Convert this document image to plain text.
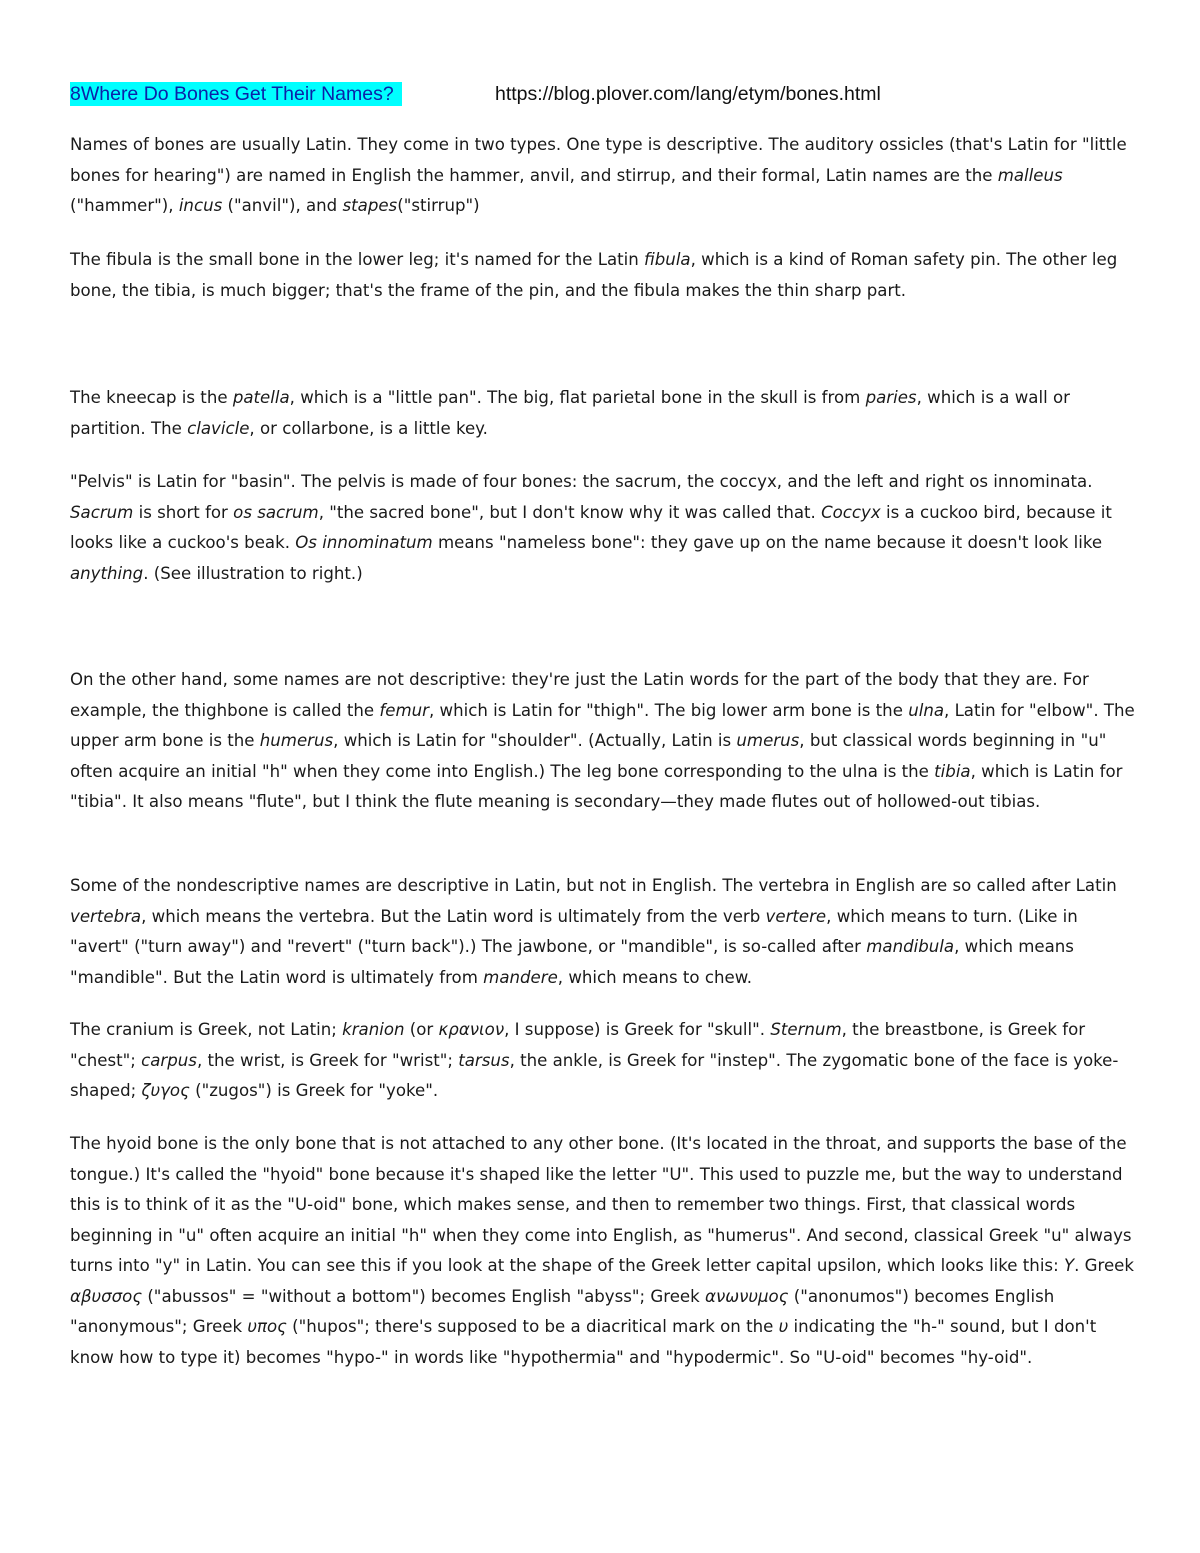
8Where Do Bones Get Their Names?	https://blog.plover.com/lang/etym/bones.html

Names of bones are usually Latin. They come in two types. One type is descriptive. The auditory ossicles (that's Latin for "little bones for hearing") are named in English the hammer, anvil, and stirrup, and their formal, Latin names are the malleus ("hammer"), incus ("anvil"), and stapes("stirrup")

The fibula is the small bone in the lower leg; it's named for the Latin fibula, which is a kind of Roman safety pin. The other leg bone, the tibia, is much bigger; that's the frame of the pin, and the fibula makes the thin sharp part.

The kneecap is the patella, which is a "little pan". The big, flat parietal bone in the skull is from paries, which is a wall or partition. The clavicle, or collarbone, is a little key.

"Pelvis" is Latin for "basin". The pelvis is made of four bones: the sacrum, the coccyx, and the left and right os innominata. Sacrum is short for os sacrum, "the sacred bone", but I don't know why it was called that. Coccyx is a cuckoo bird, because it looks like a cuckoo's beak. Os innominatum means "nameless bone": they gave up on the name because it doesn't look like anything. (See illustration to right.)

On the other hand, some names are not descriptive: they're just the Latin words for the part of the body that they are. For example, the thighbone is called the femur, which is Latin for "thigh". The big lower arm bone is the ulna, Latin for "elbow". The upper arm bone is the humerus, which is Latin for "shoulder". (Actually, Latin is umerus, but classical words beginning in "u" often acquire an initial "h" when they come into English.) The leg bone corresponding to the ulna is the tibia, which is Latin for "tibia". It also means "flute", but I think the flute meaning is secondary—they made flutes out of hollowed-out tibias.

Some of the nondescriptive names are descriptive in Latin, but not in English. The vertebra in English are so called after Latin vertebra, which means the vertebra. But the Latin word is ultimately from the verb vertere, which means to turn. (Like in "avert" ("turn away") and "revert" ("turn back").) The jawbone, or "mandible", is so-called after mandibula, which means "mandible". But the Latin word is ultimately from mandere, which means to chew.

The cranium is Greek, not Latin; kranion (or κρανιον, I suppose) is Greek for "skull". Sternum, the breastbone, is Greek for "chest"; carpus, the wrist, is Greek for "wrist"; tarsus, the ankle, is Greek for "instep". The zygomatic bone of the face is yoke-shaped; ζυγος ("zugos") is Greek for "yoke".

The hyoid bone is the only bone that is not attached to any other bone. (It's located in the throat, and supports the base of the tongue.) It's called the "hyoid" bone because it's shaped like the letter "U". This used to puzzle me, but the way to understand this is to think of it as the "U-oid" bone, which makes sense, and then to remember two things. First, that classical words beginning in "u" often acquire an initial "h" when they come into English, as "humerus". And second, classical Greek "u" always turns into "y" in Latin. You can see this if you look at the shape of the Greek letter capital upsilon, which looks like this: Υ. Greek αβυσσος ("abussos" = "without a bottom") becomes English "abyss"; Greek ανωνυμος ("anonumos") becomes English "anonymous"; Greek υπος ("hupos"; there's supposed to be a diacritical mark on the υ indicating the "h-" sound, but I don't know how to type it) becomes "hypo-" in words like "hypothermia" and "hypodermic". So "U-oid" becomes "hy-oid".
